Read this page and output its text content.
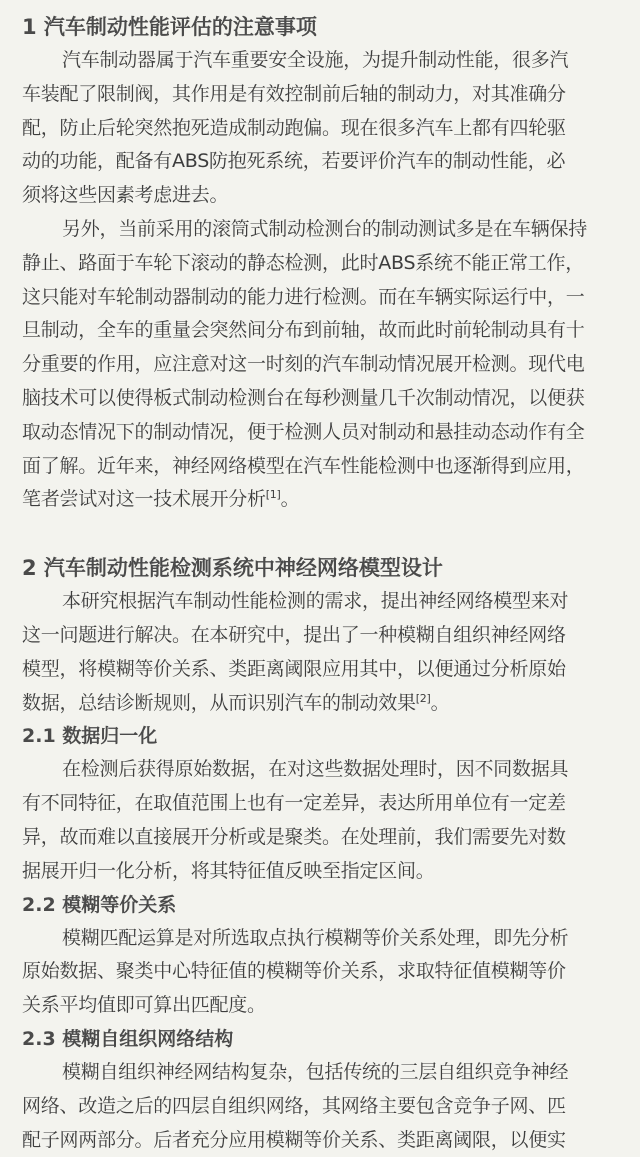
1 汽车制动性能评估的注意事项

汽车制动器属于汽车重要安全设施，为提升制动性能，很多汽
车装配了限制阀，其作用是有效控制前后轴的制动力，对其准确分
配，防止后轮突然抱死造成制动跑偏。现在很多汽车上都有四轮驱
动的功能，配备有ABS防抱死系统，若要评价汽车的制动性能，必
须将这些因素考虑进去。

另外，当前采用的滚筒式制动检测台的制动测试多是在车辆保持
静止、路面于车轮下滚动的静态检测，此时ABS系统不能正常工作，
这只能对车轮制动器制动的能力进行检测。而在车辆实际运行中，一
旦制动，全车的重量会突然间分布到前轴，故而此时前轮制动具有十
分重要的作用，应注意对这一时刻的汽车制动情况展开检测。现代电
脑技术可以使得板式制动检测台在每秒测量几千次制动情况，以便获
取动态情况下的制动情况，便于检测人员对制动和悬挂动态动作有全
面了解。近年来，神经网络模型在汽车性能检测中也逐渐得到应用，
笔者尝试对这一技术展开分析[1]。

2 汽车制动性能检测系统中神经网络模型设计

本研究根据汽车制动性能检测的需求，提出神经网络模型来对
这一问题进行解决。在本研究中，提出了一种模糊自组织神经网络
模型，将模糊等价关系、类距离阈限应用其中，以便通过分析原始
数据，总结诊断规则，从而识别汽车的制动效果[2]。

2.1 数据归一化

在检测后获得原始数据，在对这些数据处理时，因不同数据具
有不同特征，在取值范围上也有一定差异，表达所用单位有一定差
异，故而难以直接展开分析或是聚类。在处理前，我们需要先对数
据展开归一化分析，将其特征值反映至指定区间。

2.2 模糊等价关系

模糊匹配运算是对所选取点执行模糊等价关系处理，即先分析
原始数据、聚类中心特征值的模糊等价关系，求取特征值模糊等价
关系平均值即可算出匹配度。

2.3 模糊自组织网络结构

模糊自组织神经网结构复杂，包括传统的三层自组织竞争神经
网络、改造之后的四层自组织网络，其网络主要包含竞争子网、匹
配子网两部分。后者充分应用模糊等价关系、类距离阈限，以便实
